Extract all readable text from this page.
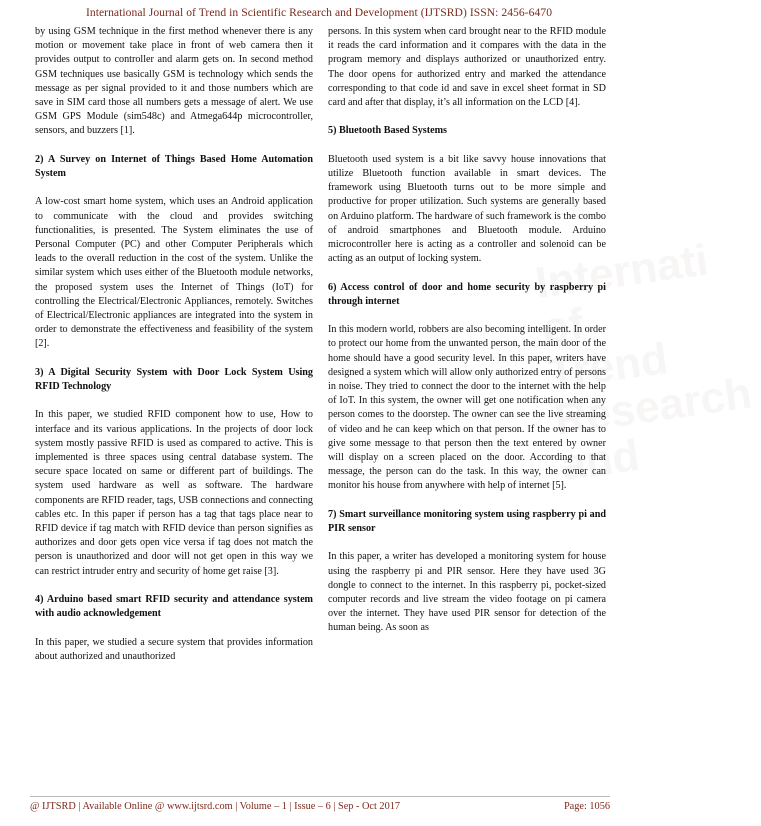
International Journal of Trend in Scientific Research and Development (IJTSRD) ISSN: 2456-6470
Internati of Trend Research and

by using GSM technique in the first method whenever there is any motion or movement take place in front of web camera then it provides output to controller and alarm gets on. In second method GSM techniques use basically GSM is technology which sends the message as per signal provided to it and those numbers which are save in SIM card those all numbers gets a message of alert. We use GSM GPS Module (sim548c) and Atmega644p microcontroller, sensors, and buzzers [1].

2) A Survey on Internet of Things Based Home Automation System

A low-cost smart home system, which uses an Android application to communicate with the cloud and provides switching functionalities, is presented. The System eliminates the use of Personal Computer (PC) and other Computer Peripherals which leads to the overall reduction in the cost of the system. Unlike the similar system which uses either of the Bluetooth module networks, the proposed system uses the Internet of Things (IoT) for controlling the Electrical/Electronic Appliances, remotely. Switches of Electrical/Electronic appliances are integrated into the system in order to demonstrate the effectiveness and feasibility of the system [2].

3) A Digital Security System with Door Lock System Using RFID Technology

In this paper, we studied RFID component how to use, How to interface and its various applications. In the projects of door lock system mostly passive RFID is used as compared to active. This is implemented is three spaces using central database system. The secure space located on same or different part of buildings. The system used hardware as well as software. The hardware components are RFID reader, tags, USB connections and connecting cables etc. In this paper if person has a tag that tags place near to RFID device if tag match with RFID device than person signifies as authorizes and door gets open vice versa if tag does not match the person is unauthorized and door will not get open in this way we can restrict intruder entry and security of home get raise [3].

4) Arduino based smart RFID security and attendance system with audio acknowledgement

In this paper, we studied a secure system that provides information about authorized and unauthorized

persons. In this system when card brought near to the RFID module it reads the card information and it compares with the data in the program memory and displays authorized or unauthorized entry. The door opens for authorized entry and marked the attendance corresponding to that code id and save in excel sheet format in SD card and after that display, it’s all information on the LCD [4].

5) Bluetooth Based Systems

Bluetooth used system is a bit like savvy house innovations that utilize Bluetooth function available in smart devices. The framework using Bluetooth turns out to be more simple and productive for proper utilization. Such systems are generally based on Arduino platform. The hardware of such framework is the combo of android smartphones and Bluetooth module. Arduino microcontroller here is acting as a controller and solenoid can be acting as an output of locking system.

6) Access control of door and home security by raspberry pi through internet

In this modern world, robbers are also becoming intelligent. In order to protect our home from the unwanted person, the main door of the home should have a good security level. In this paper, writers have designed a system which will allow only authorized entry of persons in noise. They tried to connect the door to the internet with the help of IoT. In this system, the owner will get one notification when any person comes to the doorstep. The owner can see the live streaming of video and he can keep which on that person. If the owner has to give some message to that person then the text entered by owner will display on a screen placed on the door. According to that message, the person can do the task. In this way, the owner can monitor his house from anywhere with help of internet [5].

7) Smart surveillance monitoring system using raspberry pi and PIR sensor

In this paper, a writer has developed a monitoring system for house using the raspberry pi and PIR sensor. Here they have used 3G dongle to connect to the internet. In this raspberry pi, pocket-sized computer records and live stream the video footage on pi camera over the internet. They have used PIR sensor for detection of the human being. As soon as

@ IJTSRD | Available Online @ www.ijtsrd.com | Volume – 1 | Issue – 6 | Sep - Oct 2017	Page: 1056
